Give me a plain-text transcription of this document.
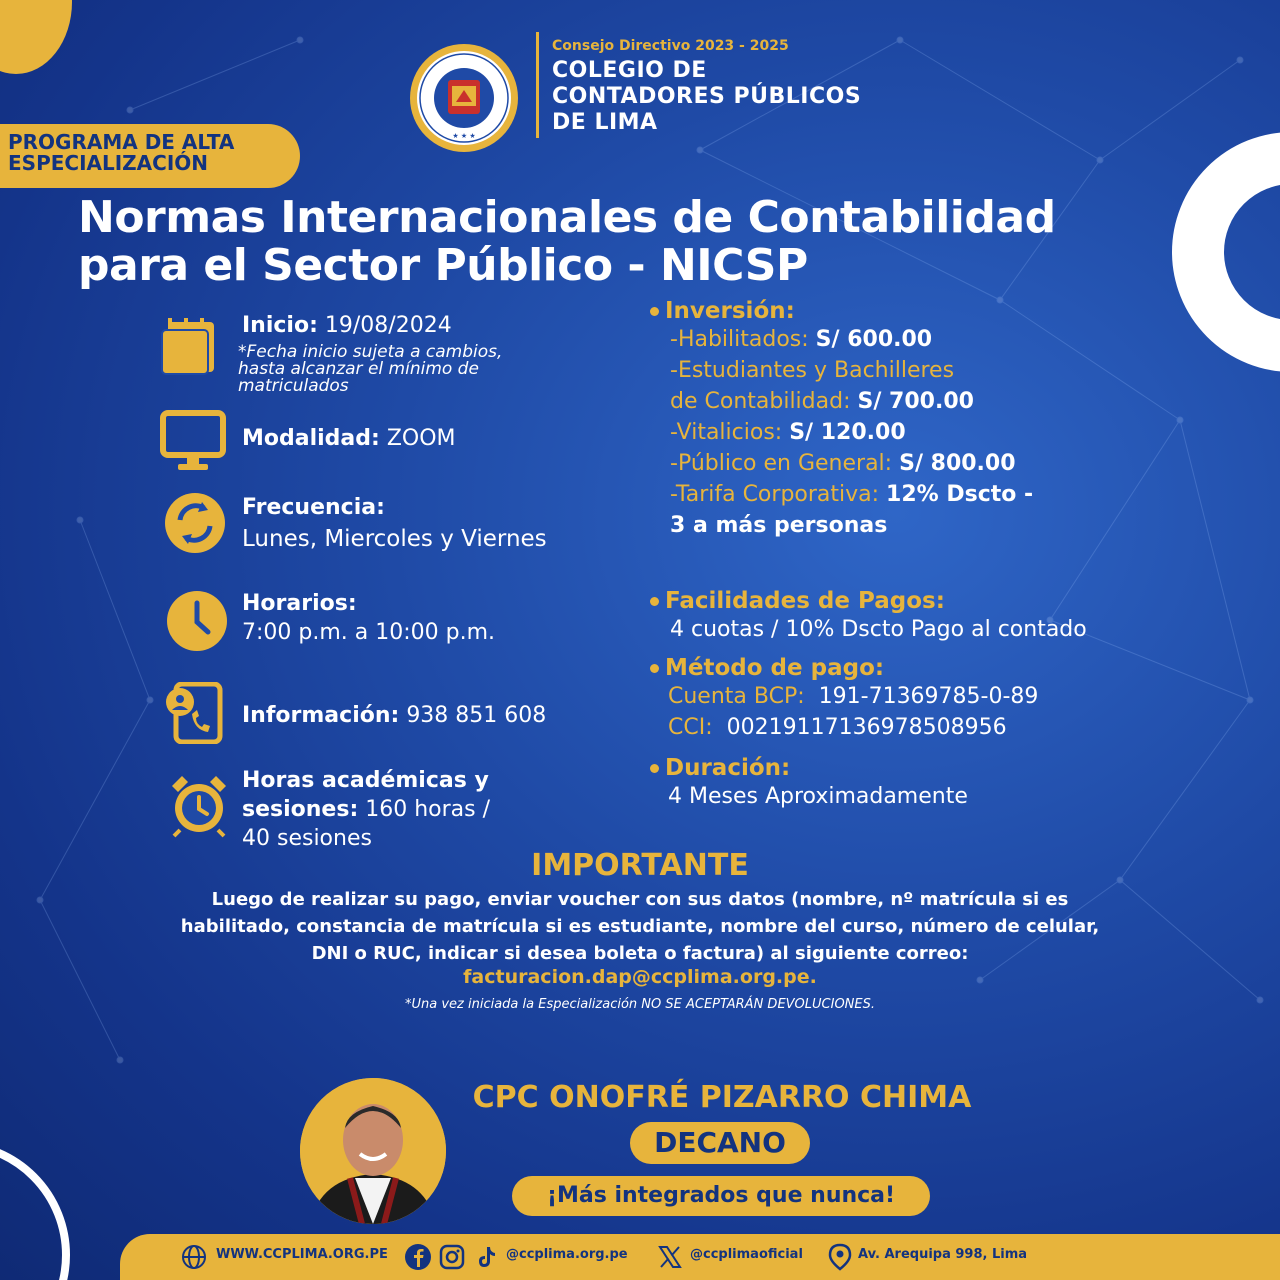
★ ★ ★
Consejo Directivo 2023 - 2025
COLEGIO DE
CONTADORES PÚBLICOS
DE LIMA
PROGRAMA DE ALTA
ESPECIALIZACIÓN
Normas Internacionales de Contabilidad
para el Sector Público - NICSP
Inicio: 19/08/2024
*Fecha inicio sujeta a cambios,
hasta alcanzar el mínimo de
matriculados
Modalidad: ZOOM
Frecuencia:
Lunes, Miercoles y Viernes
Horarios:
7:00 p.m. a 10:00 p.m.
Información: 938 851 608
Horas académicas y
sesiones: 160 horas /
40 sesiones
Inversión:
-Habilitados: S/ 600.00
-Estudiantes y Bachilleres
de Contabilidad: S/ 700.00
-Vitalicios: S/ 120.00
-Público en General: S/ 800.00
-Tarifa Corporativa: 12% Dscto -
3 a más personas
Facilidades de Pagos:
4 cuotas / 10% Dscto Pago al contado
Método de pago:
Cuenta BCP: 191-71369785-0-89
CCI: 00219117136978508956
Duración:
4 Meses Aproximadamente
IMPORTANTE
Luego de realizar su pago, enviar voucher con sus datos (nombre, nº matrícula si es
habilitado, constancia de matrícula si es estudiante, nombre del curso, número de celular,
DNI o RUC, indicar si desea boleta o factura) al siguiente correo:
facturacion.dap@ccplima.org.pe.
*Una vez iniciada la Especialización NO SE ACEPTARÁN DEVOLUCIONES.
CPC ONOFRÉ PIZARRO CHIMA
DECANO
¡Más integrados que nunca!
WWW.CCPLIMA.ORG.PE	@ccplima.org.pe	@ccplimaoficial	Av. Arequipa 998, Lima
